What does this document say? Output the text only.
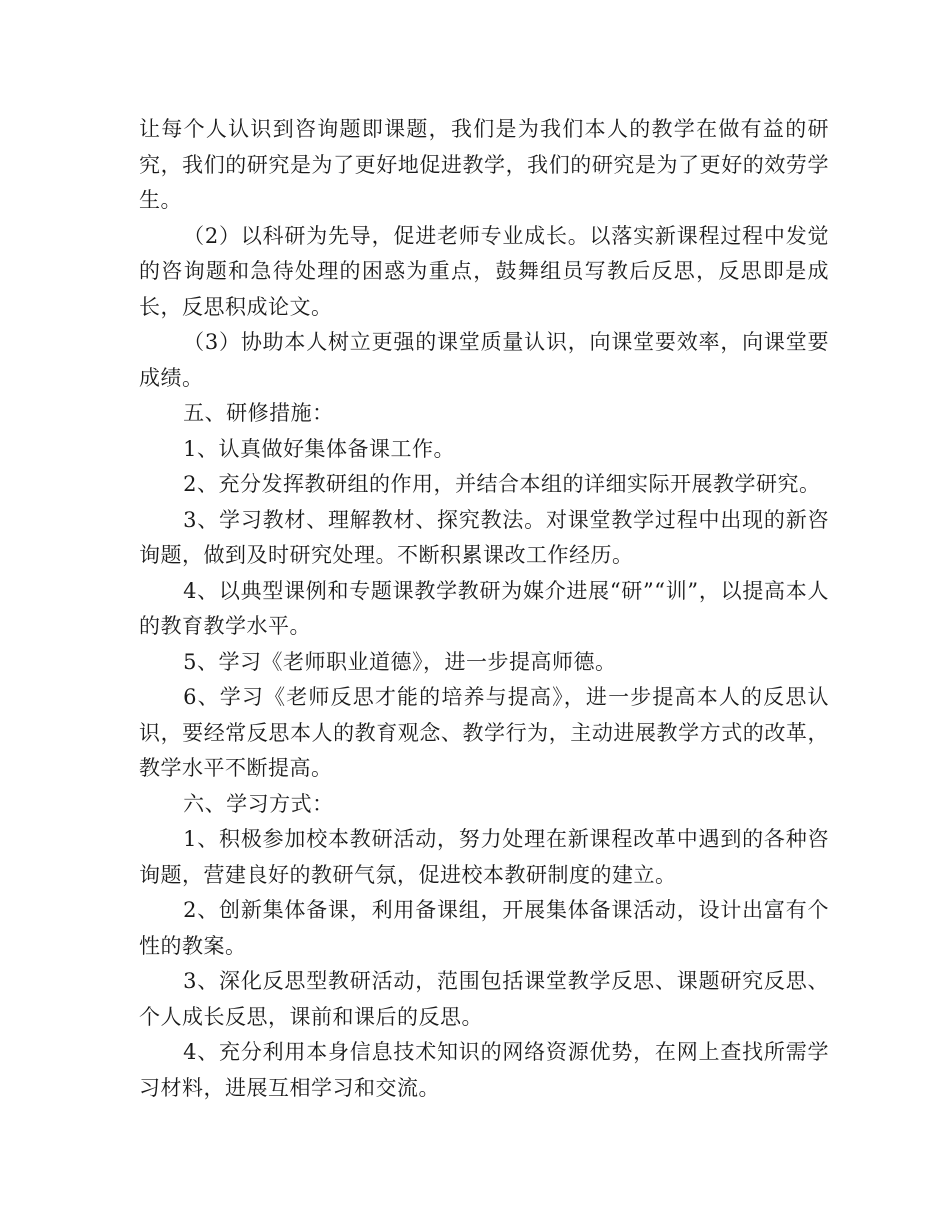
让每个人认识到咨询题即课题，我们是为我们本人的教学在做有益的研究，我们的研究是为了更好地促进教学，我们的研究是为了更好的效劳学生。

（2）以科研为先导，促进老师专业成长。以落实新课程过程中发觉的咨询题和急待处理的困惑为重点，鼓舞组员写教后反思，反思即是成长，反思积成论文。

（3）协助本人树立更强的课堂质量认识，向课堂要效率，向课堂要成绩。

五、研修措施：

1、认真做好集体备课工作。

2、充分发挥教研组的作用，并结合本组的详细实际开展教学研究。

3、学习教材、理解教材、探究教法。对课堂教学过程中出现的新咨询题，做到及时研究处理。不断积累课改工作经历。

4、以典型课例和专题课教学教研为媒介进展“研”“训”，以提高本人的教育教学水平。

5、学习《老师职业道德》，进一步提高师德。

6、学习《老师反思才能的培养与提高》，进一步提高本人的反思认识，要经常反思本人的教育观念、教学行为，主动进展教学方式的改革，教学水平不断提高。

六、学习方式：

1、积极参加校本教研活动，努力处理在新课程改革中遇到的各种咨询题，营建良好的教研气氛，促进校本教研制度的建立。

2、创新集体备课，利用备课组，开展集体备课活动，设计出富有个性的教案。

3、深化反思型教研活动，范围包括课堂教学反思、课题研究反思、个人成长反思，课前和课后的反思。

4、充分利用本身信息技术知识的网络资源优势，在网上查找所需学习材料，进展互相学习和交流。
